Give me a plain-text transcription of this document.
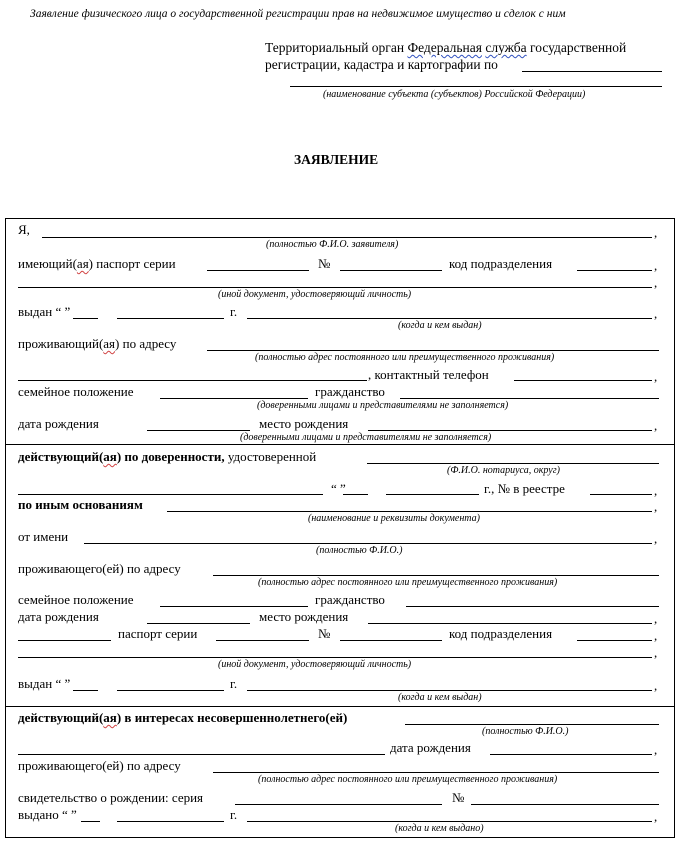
Заявление физического лица о государственной регистрации прав на недвижимое имущество и сделок с ним
Территориальный орган Федеральная служба государственной
регистрации, кадастра и картографии по
(наименование субъекта (субъектов) Российской Федерации)
ЗАЯВЛЕНИЕ
Я,	,
(полностью Ф.И.О. заявителя)
имеющий(ая) паспорт серии	№	код подразделения	,
,
(иной документ, удостоверяющий личность)
выдан “ ”	г.	,
(когда и кем выдан)
проживающий(ая) по адресу
(полностью адрес постоянного или преимущественного проживания)
, контактный телефон	,
семейное положение	гражданство
(доверенными лицами и представителями не заполняется)
дата рождения	место рождения	,
(доверенными лицами и представителями не заполняется)
действующий(ая) по доверенности, удостоверенной
(Ф.И.О. нотариуса, округ)
“ ”	г., № в реестре	,
по иным основаниям	,
(наименование и реквизиты документа)
от имени	,
(полностью Ф.И.О.)
проживающего(ей) по адресу
(полностью адрес постоянного или преимущественного проживания)
семейное положение	гражданство
дата рождения	место рождения	,
паспорт серии	№	код подразделения	,
,
(иной документ, удостоверяющий личность)
выдан “ ”	г.	,
(когда и кем выдан)
действующий(ая) в интересах несовершеннолетнего(ей)
(полностью Ф.И.О.)
дата рождения	,
проживающего(ей) по адресу
(полностью адрес постоянного или преимущественного проживания)
свидетельство о рождении: серия	№
выдано “ ”	г.	,
(когда и кем выдано)
